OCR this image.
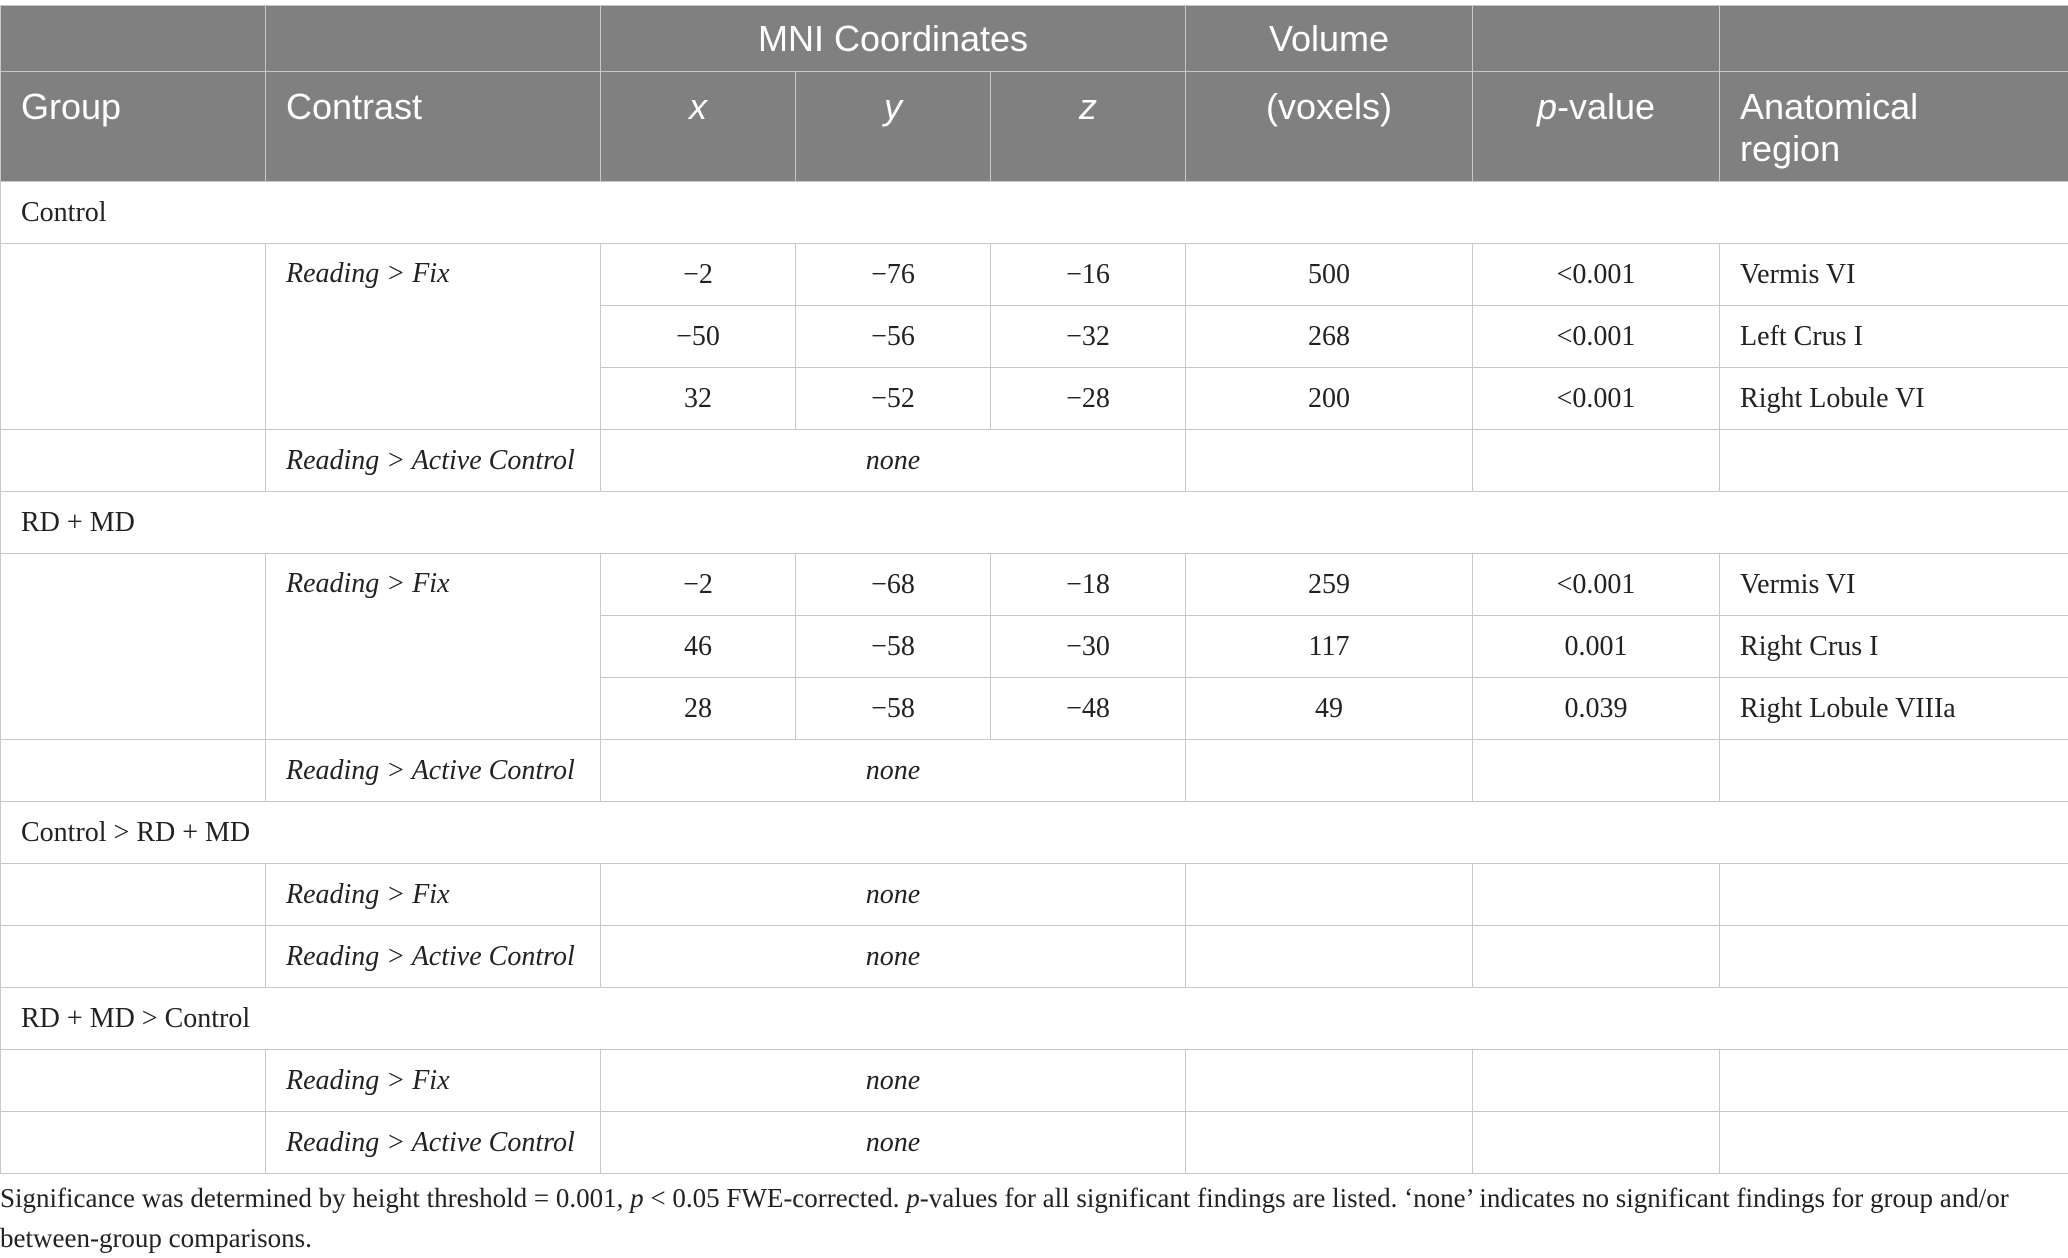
		MNI Coordinates			Volume		
Group	Contrast	x	y	z	(voxels)	p-value	Anatomical
region
Control							
	Reading > Fix	−2	−76	−16	500	<0.001	Vermis VI
		−50	−56	−32	268	<0.001	Left Crus I
		32	−52	−28	200	<0.001	Right Lobule VI
	Reading > Active Control	none					
RD + MD							
	Reading > Fix	−2	−68	−18	259	<0.001	Vermis VI
		46	−58	−30	117	0.001	Right Crus I
		28	−58	−48	49	0.039	Right Lobule VIIIa
	Reading > Active Control	none					
Control > RD + MD							
	Reading > Fix	none					
	Reading > Active Control	none					
RD + MD > Control							
	Reading > Fix	none					
	Reading > Active Control	none					
Significance was determined by height threshold = 0.001, p < 0.05 FWE-corrected. p-values for all significant findings are listed. ‘none’ indicates no significant findings for group and/or between-group comparisons.
